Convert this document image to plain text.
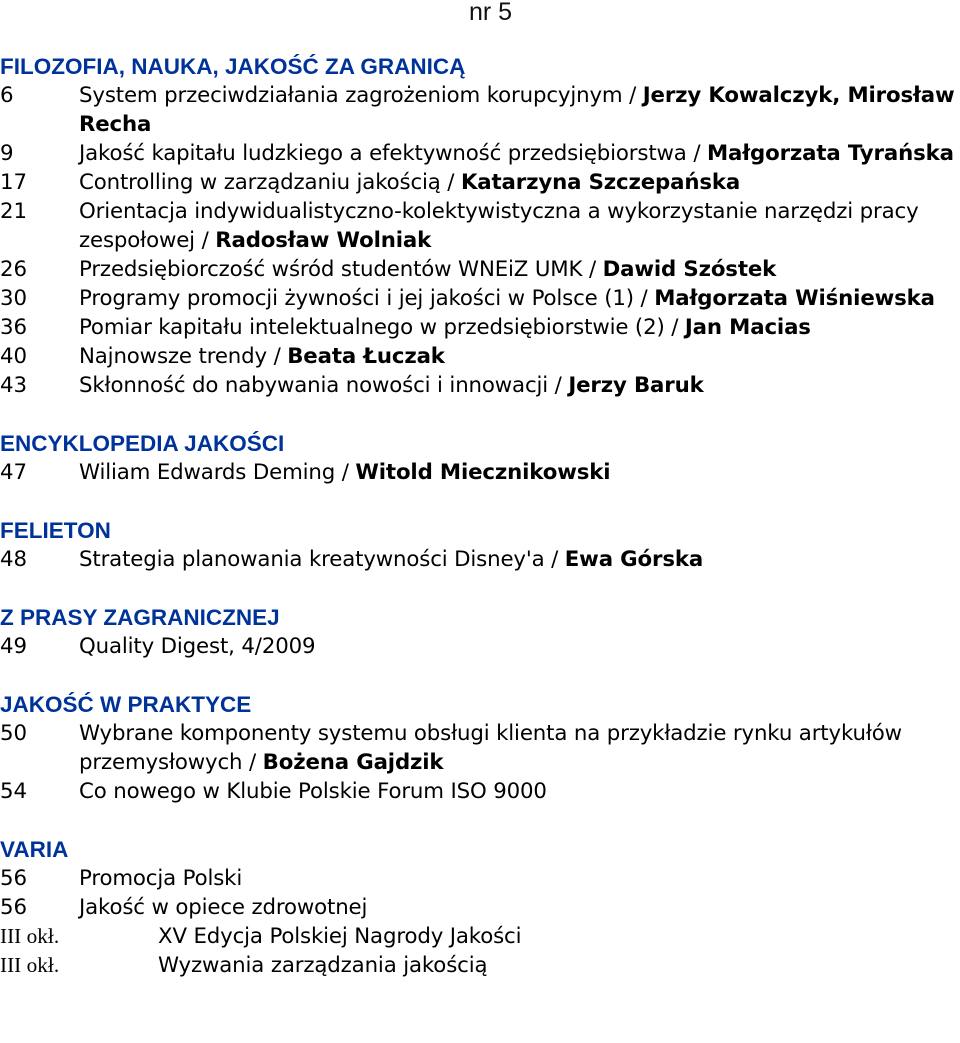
nr 5
FILOZOFIA, NAUKA, JAKOŚĆ ZA GRANICĄ
6	System przeciwdziałania zagrożeniom korupcyjnym / Jerzy Kowalczyk, Mirosław Recha
9	Jakość kapitału ludzkiego a efektywność przedsiębiorstwa / Małgorzata Tyrańska
17	Controlling w zarządzaniu jakością / Katarzyna Szczepańska
21	Orientacja indywidualistyczno-kolektywistyczna a wykorzystanie narzędzi pracy zespołowej / Radosław Wolniak
26	Przedsiębiorczość wśród studentów WNEiZ UMK / Dawid Szóstek
30	Programy promocji żywności i jej jakości w Polsce (1) / Małgorzata Wiśniewska
36	Pomiar kapitału intelektualnego w przedsiębiorstwie (2) / Jan Macias
40	Najnowsze trendy / Beata Łuczak
43	Skłonność do nabywania nowości i innowacji / Jerzy Baruk
ENCYKLOPEDIA JAKOŚCI
47	Wiliam Edwards Deming / Witold Miecznikowski
FELIETON
48	Strategia planowania kreatywności Disney'a / Ewa Górska
Z PRASY ZAGRANICZNEJ
49	Quality Digest, 4/2009
JAKOŚĆ W PRAKTYCE
50	Wybrane komponenty systemu obsługi klienta na przykładzie rynku artykułów przemysłowych / Bożena Gajdzik
54	Co nowego w Klubie Polskie Forum ISO 9000
VARIA
56	Promocja Polski
56	Jakość w opiece zdrowotnej
III okł.	XV Edycja Polskiej Nagrody Jakości
III okł.	Wyzwania zarządzania jakością
